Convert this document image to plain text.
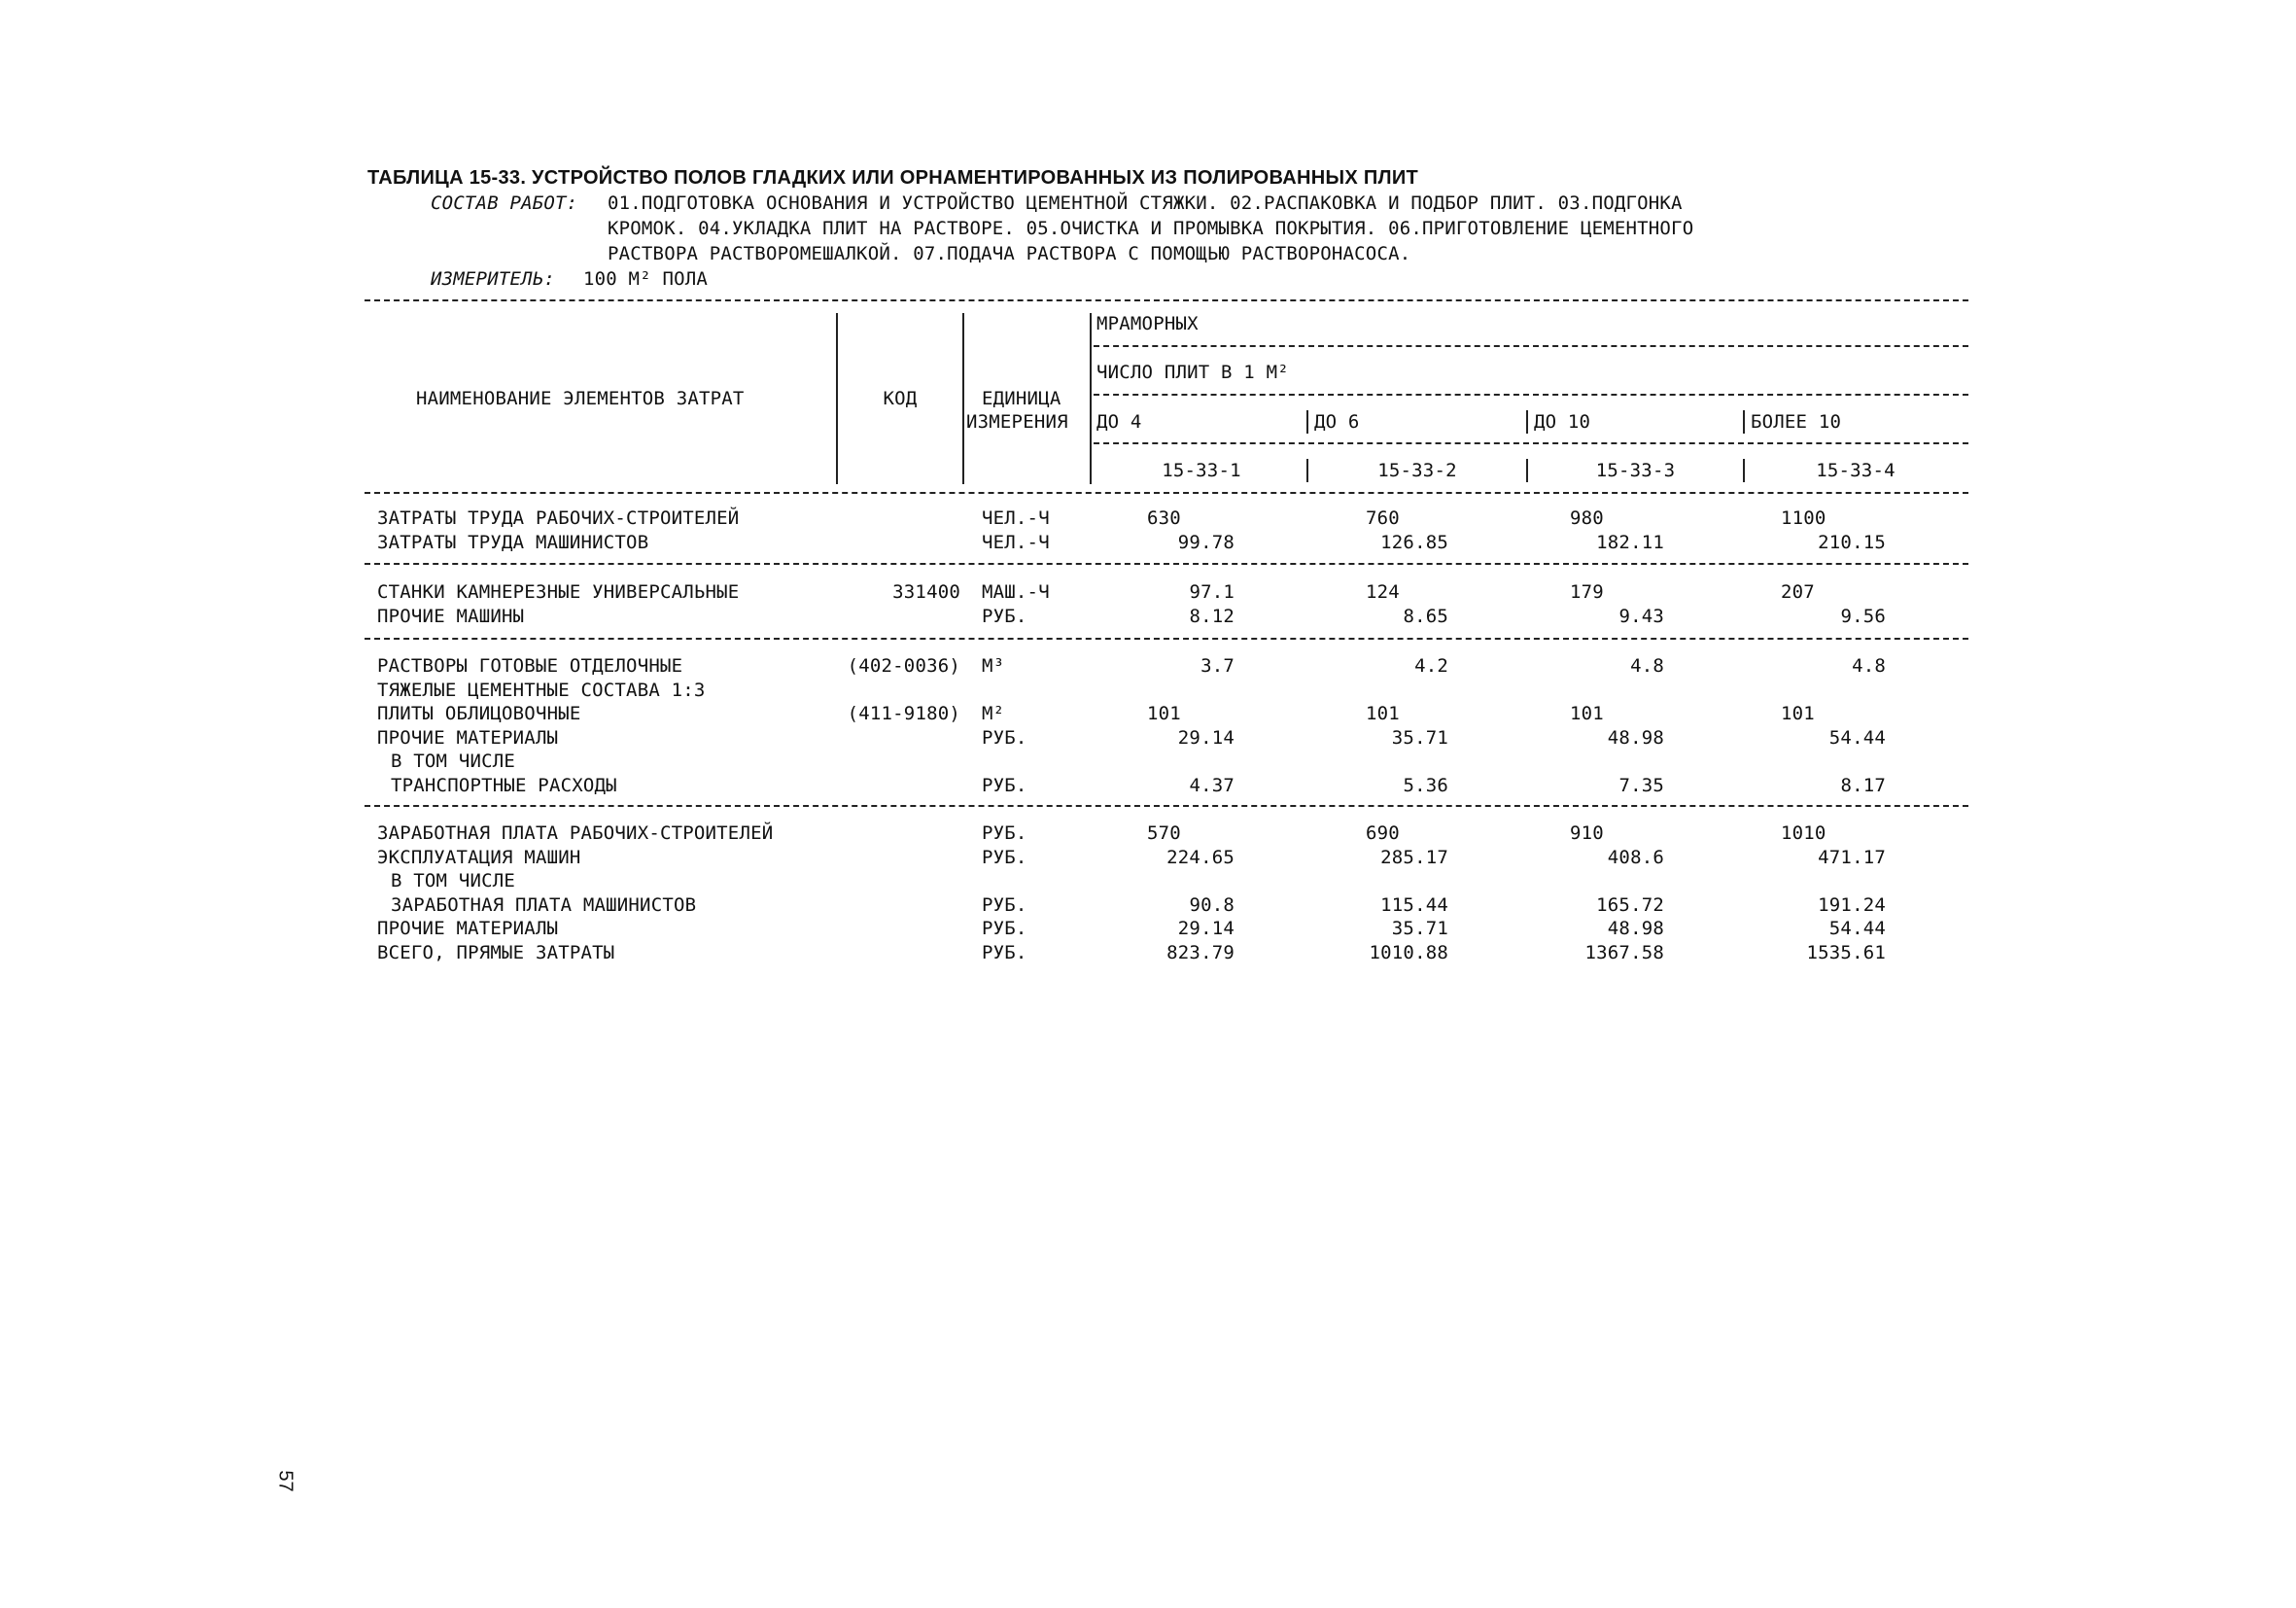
ТАБЛИЦА 15-33. УСТРОЙСТВО ПОЛОВ ГЛАДКИХ ИЛИ ОРНАМЕНТИРОВАННЫХ ИЗ ПОЛИРОВАННЫХ ПЛИТ
СОСТАВ РАБОТ: 01.ПОДГОТОВКА ОСНОВАНИЯ И УСТРОЙСТВО ЦЕМЕНТНОЙ СТЯЖКИ. 02.РАСПАКОВКА И ПОДБОР ПЛИТ. 03.ПОДГОНКА
КРОМОК. 04.УКЛАДКА ПЛИТ НА РАСТВОРЕ. 05.ОЧИСТКА И ПРОМЫВКА ПОКРЫТИЯ. 06.ПРИГОТОВЛЕНИЕ ЦЕМЕНТНОГО
РАСТВОРА РАСТВОРОМЕШАЛКОЙ. 07.ПОДАЧА РАСТВОРА С ПОМОЩЬЮ РАСТВОРОНАСОСА.
ИЗМЕРИТЕЛЬ: 100 М² ПОЛА
НАИМЕНОВАНИЕ ЭЛЕМЕНТОВ ЗАТРАТ	КОД	ЕДИНИЦА
ИЗМЕРЕНИЯ
МРАМОРНЫХ
ЧИСЛО ПЛИТ В 1 М²
ДО 4	ДО 6	ДО 10	БОЛЕЕ 10
15-33-1	15-33-2	15-33-3	15-33-4
ЗАТРАТЫ ТРУДА РАБОЧИХ-СТРОИТЕЛЕЙ	ЧЕЛ.-Ч	630	760	980	1100
ЗАТРАТЫ ТРУДА МАШИНИСТОВ	ЧЕЛ.-Ч	99.78	126.85	182.11	210.15
СТАНКИ КАМНЕРЕЗНЫЕ УНИВЕРСАЛЬНЫЕ	331400 МАШ.-Ч	97.1	124	179	207
ПРОЧИЕ МАШИНЫ	РУБ.	8.12	8.65	9.43	9.56
РАСТВОРЫ ГОТОВЫЕ ОТДЕЛОЧНЫЕ	(402-0036) М³	3.7	4.2	4.8	4.8
ТЯЖЕЛЫЕ ЦЕМЕНТНЫЕ СОСТАВА 1:3
ПЛИТЫ ОБЛИЦОВОЧНЫЕ	(411-9180) М²	101	101	101	101
ПРОЧИЕ МАТЕРИАЛЫ	РУБ.	29.14	35.71	48.98	54.44
В ТОМ ЧИСЛЕ
ТРАНСПОРТНЫЕ РАСХОДЫ	РУБ.	4.37	5.36	7.35	8.17
ЗАРАБОТНАЯ ПЛАТА РАБОЧИХ-СТРОИТЕЛЕЙ	РУБ.	570	690	910	1010
ЭКСПЛУАТАЦИЯ МАШИН	РУБ.	224.65	285.17	408.6	471.17
В ТОМ ЧИСЛЕ
ЗАРАБОТНАЯ ПЛАТА МАШИНИСТОВ	РУБ.	90.8	115.44	165.72	191.24
ПРОЧИЕ МАТЕРИАЛЫ	РУБ.	29.14	35.71	48.98	54.44
ВСЕГО, ПРЯМЫЕ ЗАТРАТЫ	РУБ.	823.79	1010.88	1367.58	1535.61
57
